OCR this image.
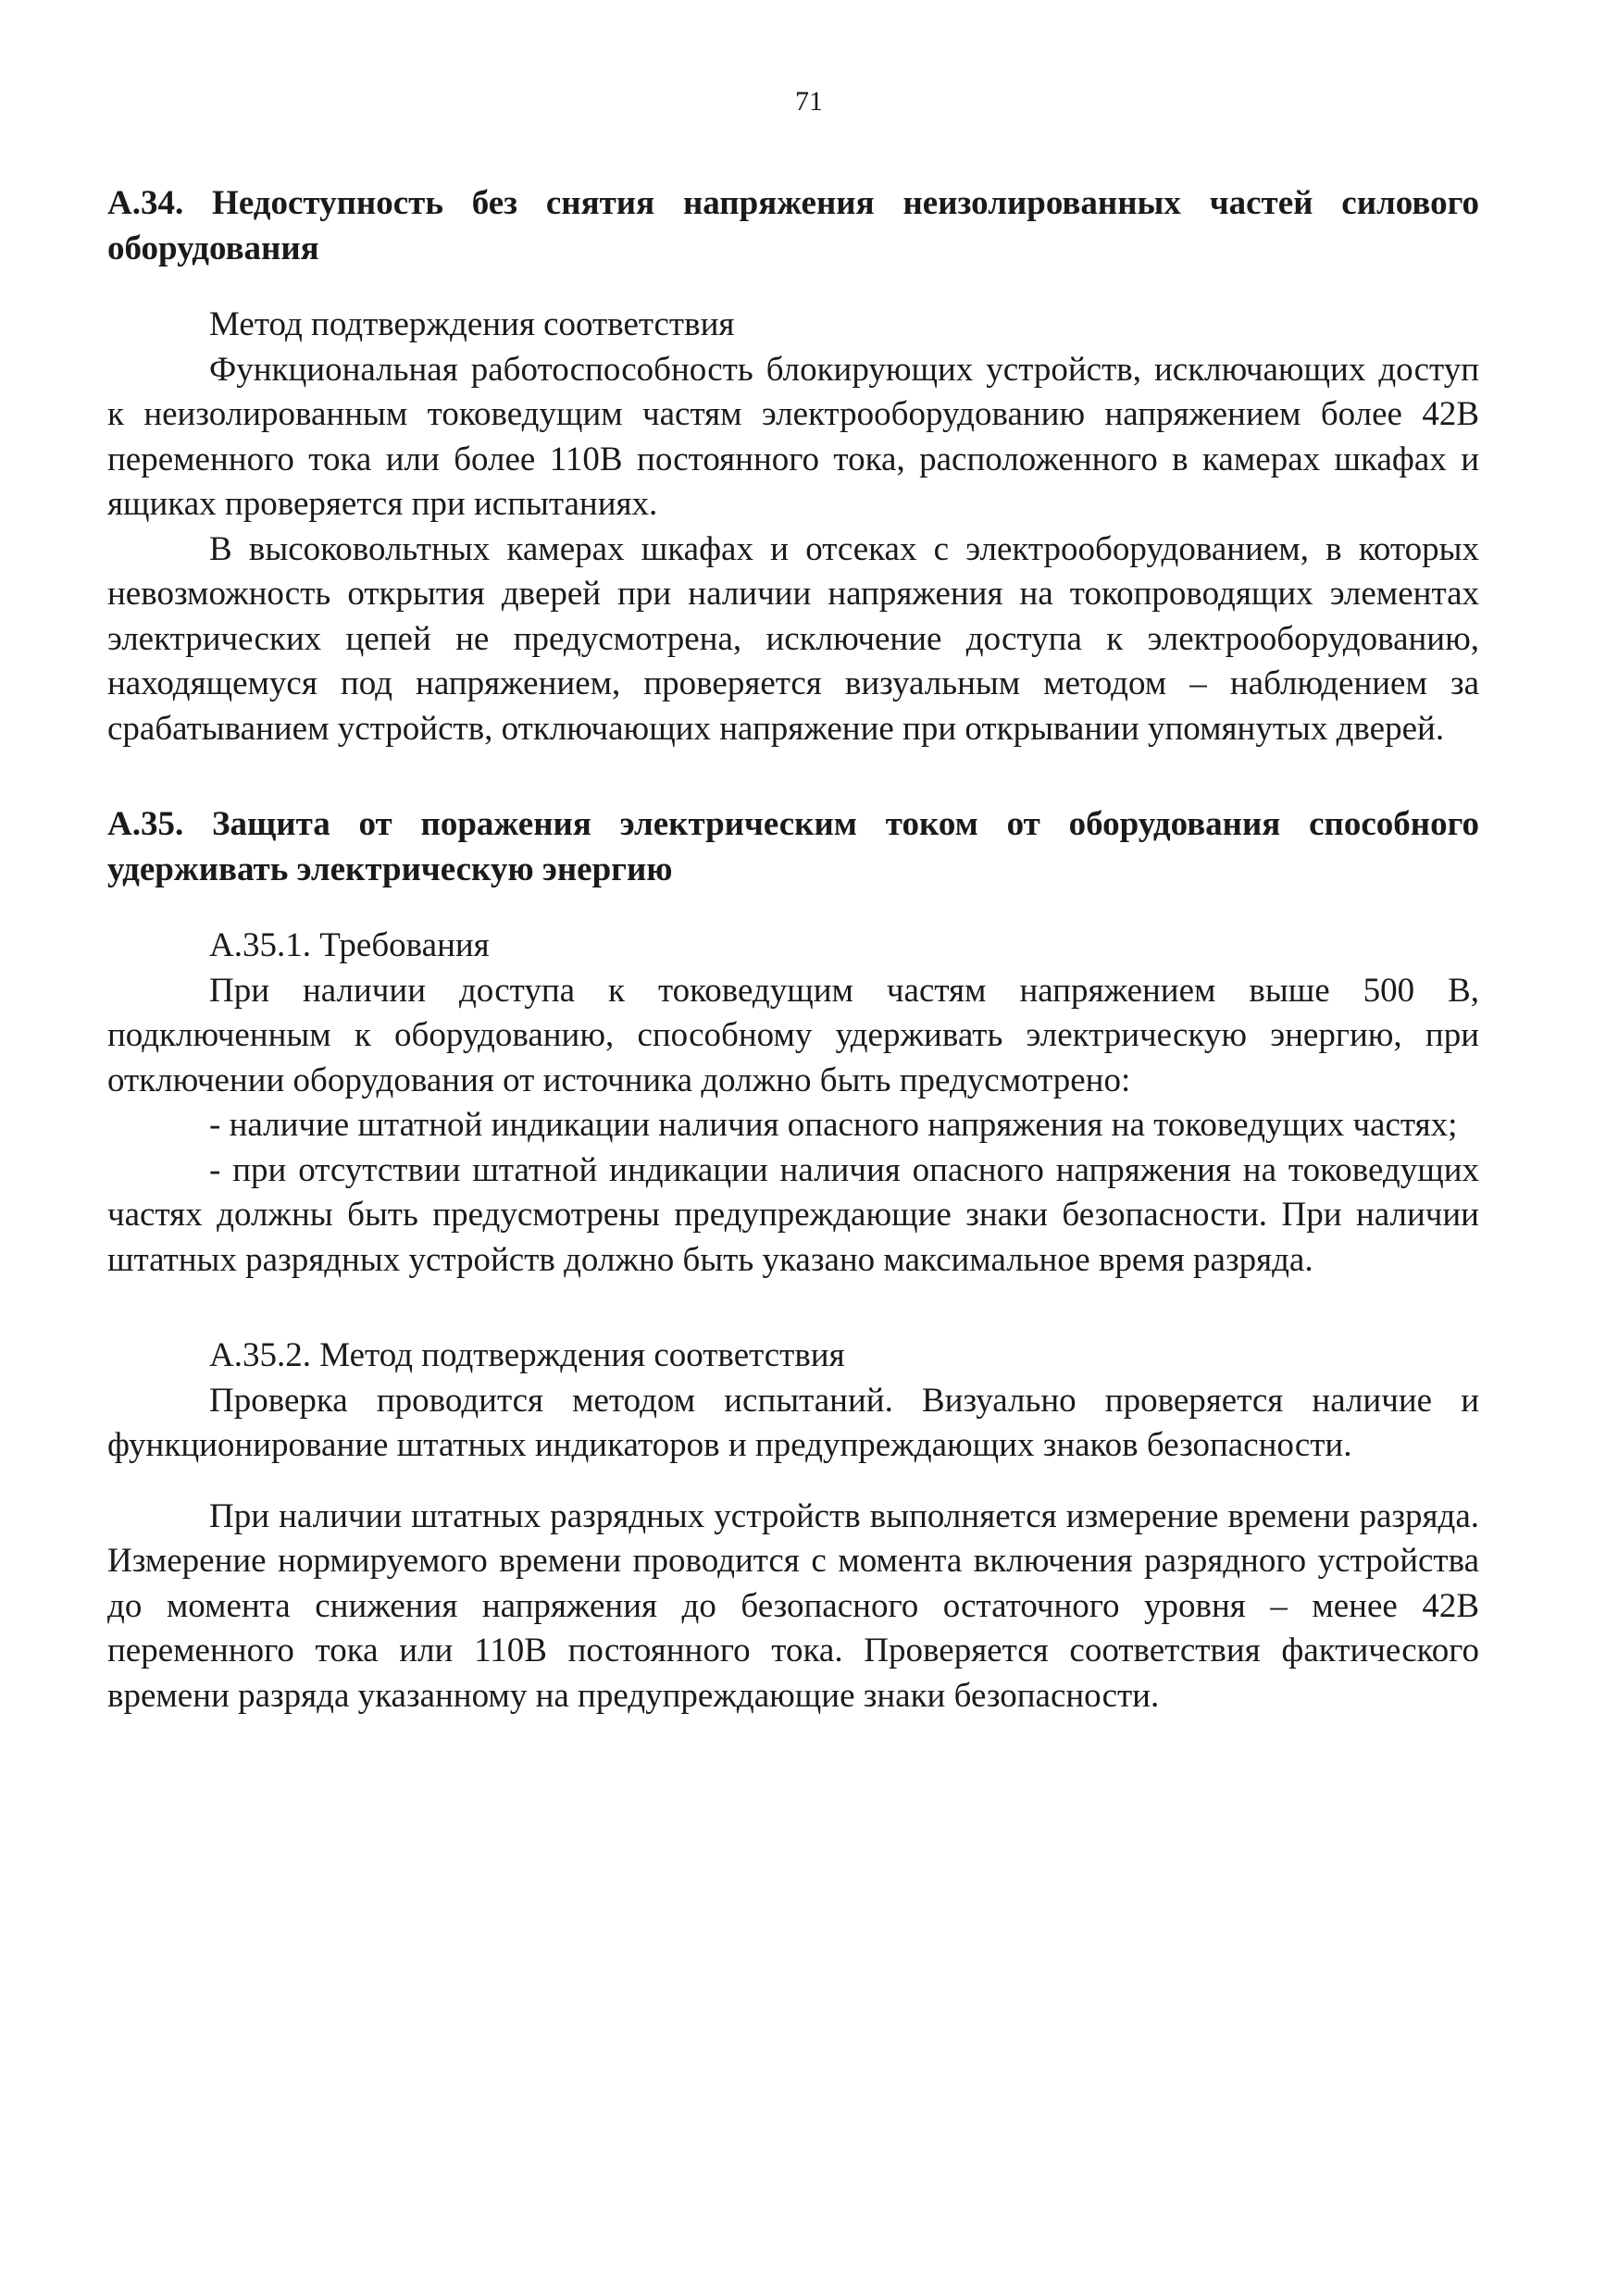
71

А.34. Недоступность без снятия напряжения неизолированных частей силового оборудования

Метод подтверждения соответствия

Функциональная работоспособность блокирующих устройств, исключающих доступ к неизолированным токоведущим частям электрооборудованию напряжением более 42В переменного тока или более 110В постоянного тока, расположенного в камерах шкафах и ящиках проверяется при испытаниях.

В высоковольтных камерах шкафах и отсеках с электрооборудованием, в которых невозможность открытия дверей при наличии напряжения на токопроводящих элементах электрических цепей не предусмотрена, исключение доступа к электрооборудованию, находящемуся под напряжением, проверяется визуальным методом – наблюдением за срабатыванием устройств, отключающих напряжение при открывании упомянутых дверей.

А.35. Защита от поражения электрическим током от оборудования способного удерживать электрическую энергию

А.35.1. Требования

При наличии доступа к токоведущим частям напряжением выше 500 В, подключенным к оборудованию, способному удерживать электрическую энергию, при отключении оборудования от источника должно быть предусмотрено:

- наличие штатной индикации наличия опасного напряжения на токоведущих частях;

- при отсутствии штатной индикации наличия опасного напряжения на токоведущих частях должны быть предусмотрены предупреждающие знаки безопасности. При наличии штатных разрядных устройств должно быть указано максимальное время разряда.

А.35.2. Метод подтверждения соответствия

Проверка проводится методом испытаний. Визуально проверяется наличие и функционирование штатных индикаторов и предупреждающих знаков безопасности.

При наличии штатных разрядных устройств выполняется измерение времени разряда. Измерение нормируемого времени проводится с момента включения разрядного устройства до момента снижения напряжения до безопасного остаточного уровня – менее 42В переменного тока или 110В постоянного тока. Проверяется соответствия фактического времени разряда указанному на предупреждающие знаки безопасности.
